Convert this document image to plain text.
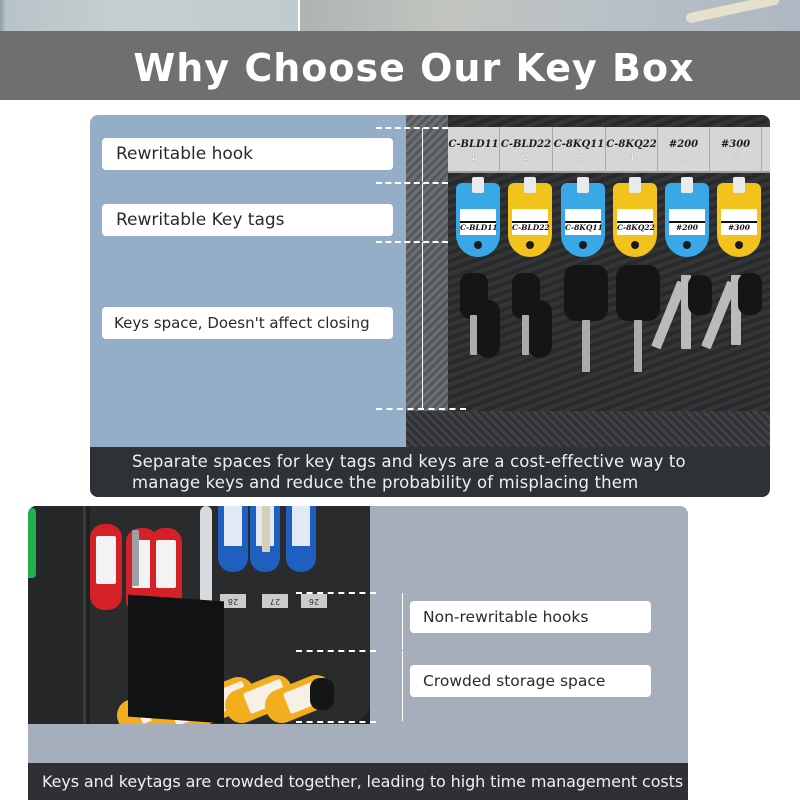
Why Choose Our Key Box
Rewritable hook
Rewritable Key tags
Keys space, Doesn't affect closing
C-BLD11
1
C-BLD22
2
C-8KQ11
3
C-8KQ22
4
#200
5
#300
6
C-BLD11 C-BLD22 C-8KQ11 C-8KQ22	#200	#300
Separate spaces for key tags and keys are a cost-effective way to
manage keys and reduce the probability of misplacing them
28	27	26
Non-rewritable hooks
Crowded storage space
Keys and keytags are crowded together, leading to high time management costs
